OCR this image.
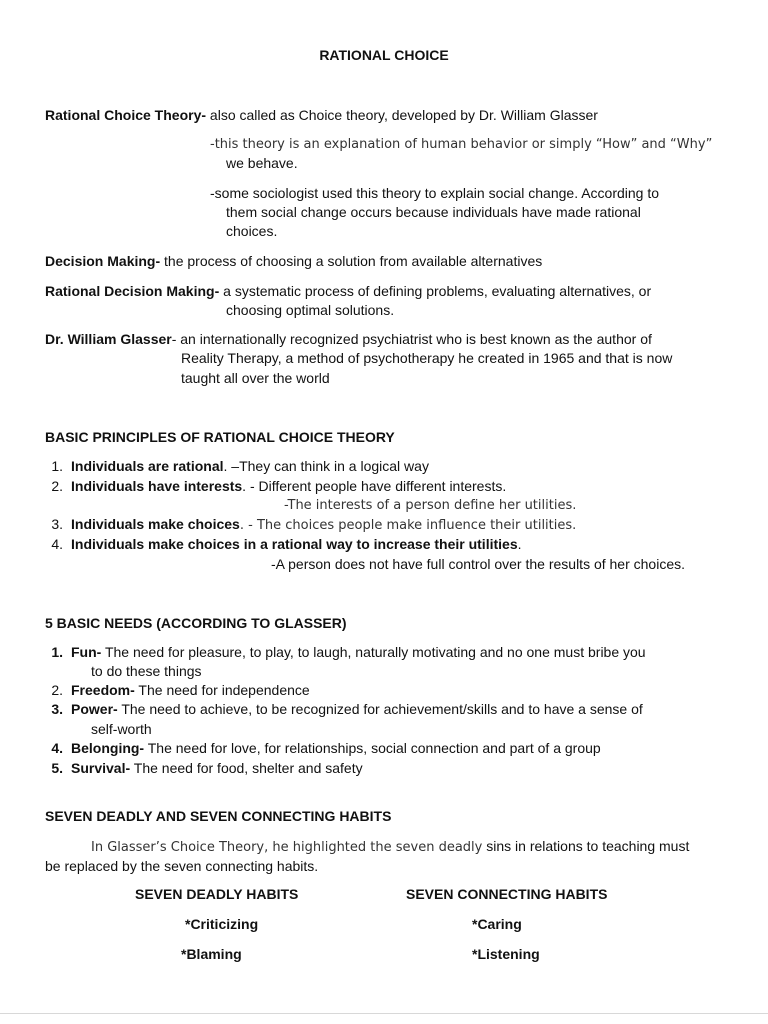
RATIONAL CHOICE
Rational Choice Theory- also called as Choice theory, developed by Dr. William Glasser
-this theory is an explanation of human behavior or simply “How” and “Why”
we behave.
-some sociologist used this theory to explain social change. According to
them social change occurs because individuals have made rational
choices.
Decision Making- the process of choosing a solution from available alternatives
Rational Decision Making- a systematic process of defining problems, evaluating alternatives, or
choosing optimal solutions.
Dr. William Glasser- an internationally recognized psychiatrist who is best known as the author of
Reality Therapy, a method of psychotherapy he created in 1965 and that is now
taught all over the world
BASIC PRINCIPLES OF RATIONAL CHOICE THEORY
1. Individuals are rational. –They can think in a logical way
2. Individuals have interests. - Different people have different interests.
-The interests of a person define her utilities.
3. Individuals make choices. - The choices people make influence their utilities.
4. Individuals make choices in a rational way to increase their utilities.
-A person does not have full control over the results of her choices.
5 BASIC NEEDS (ACCORDING TO GLASSER)
1. Fun- The need for pleasure, to play, to laugh, naturally motivating and no one must bribe you
to do these things
2. Freedom- The need for independence
3. Power- The need to achieve, to be recognized for achievement/skills and to have a sense of
self-worth
4. Belonging- The need for love, for relationships, social connection and part of a group
5. Survival- The need for food, shelter and safety
SEVEN DEADLY AND SEVEN CONNECTING HABITS
In Glasser’s Choice Theory, he highlighted the seven deadly sins in relations to teaching must
be replaced by the seven connecting habits.
SEVEN DEADLY HABITS	SEVEN CONNECTING HABITS
*Criticizing	*Caring
*Blaming	*Listening
